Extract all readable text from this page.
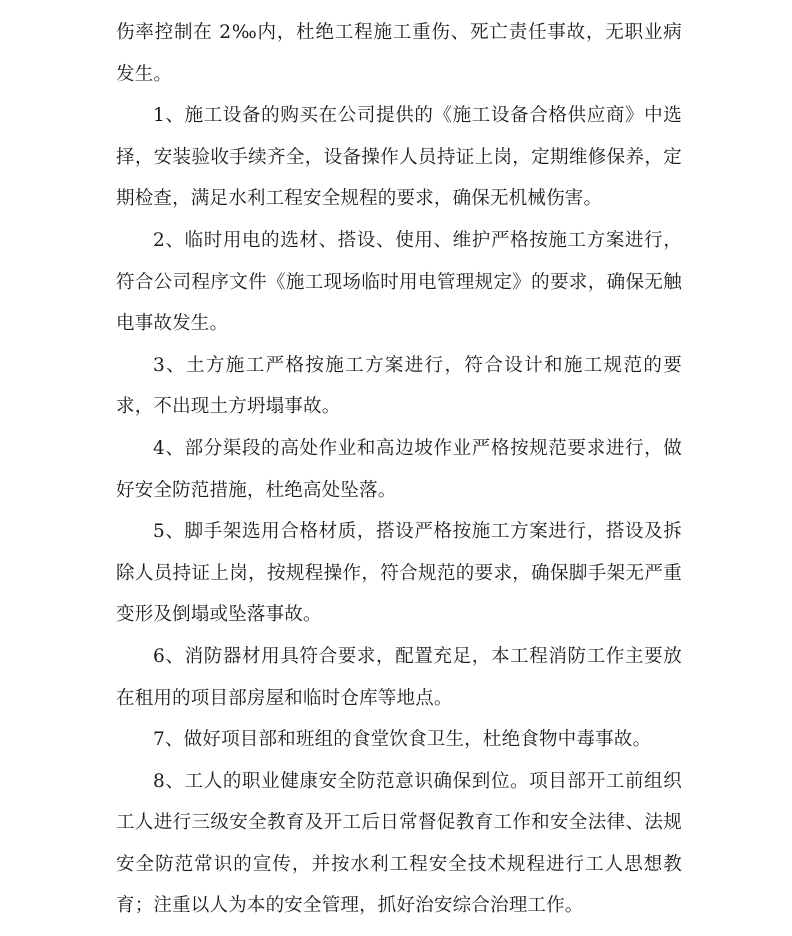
伤率控制在 2‰内，杜绝工程施工重伤、死亡责任事故，无职业病发生。

1、施工设备的购买在公司提供的《施工设备合格供应商》中选择，安装验收手续齐全，设备操作人员持证上岗，定期维修保养，定期检查，满足水利工程安全规程的要求，确保无机械伤害。

2、临时用电的选材、搭设、使用、维护严格按施工方案进行，符合公司程序文件《施工现场临时用电管理规定》的要求，确保无触电事故发生。

3、土方施工严格按施工方案进行，符合设计和施工规范的要求，不出现土方坍塌事故。

4、部分渠段的高处作业和高边坡作业严格按规范要求进行，做好安全防范措施，杜绝高处坠落。

5、脚手架选用合格材质，搭设严格按施工方案进行，搭设及拆除人员持证上岗，按规程操作，符合规范的要求，确保脚手架无严重变形及倒塌或坠落事故。

6、消防器材用具符合要求，配置充足，本工程消防工作主要放在租用的项目部房屋和临时仓库等地点。

7、做好项目部和班组的食堂饮食卫生，杜绝食物中毒事故。

8、工人的职业健康安全防范意识确保到位。项目部开工前组织工人进行三级安全教育及开工后日常督促教育工作和安全法律、法规安全防范常识的宣传，并按水利工程安全技术规程进行工人思想教育；注重以人为本的安全管理，抓好治安综合治理工作。
